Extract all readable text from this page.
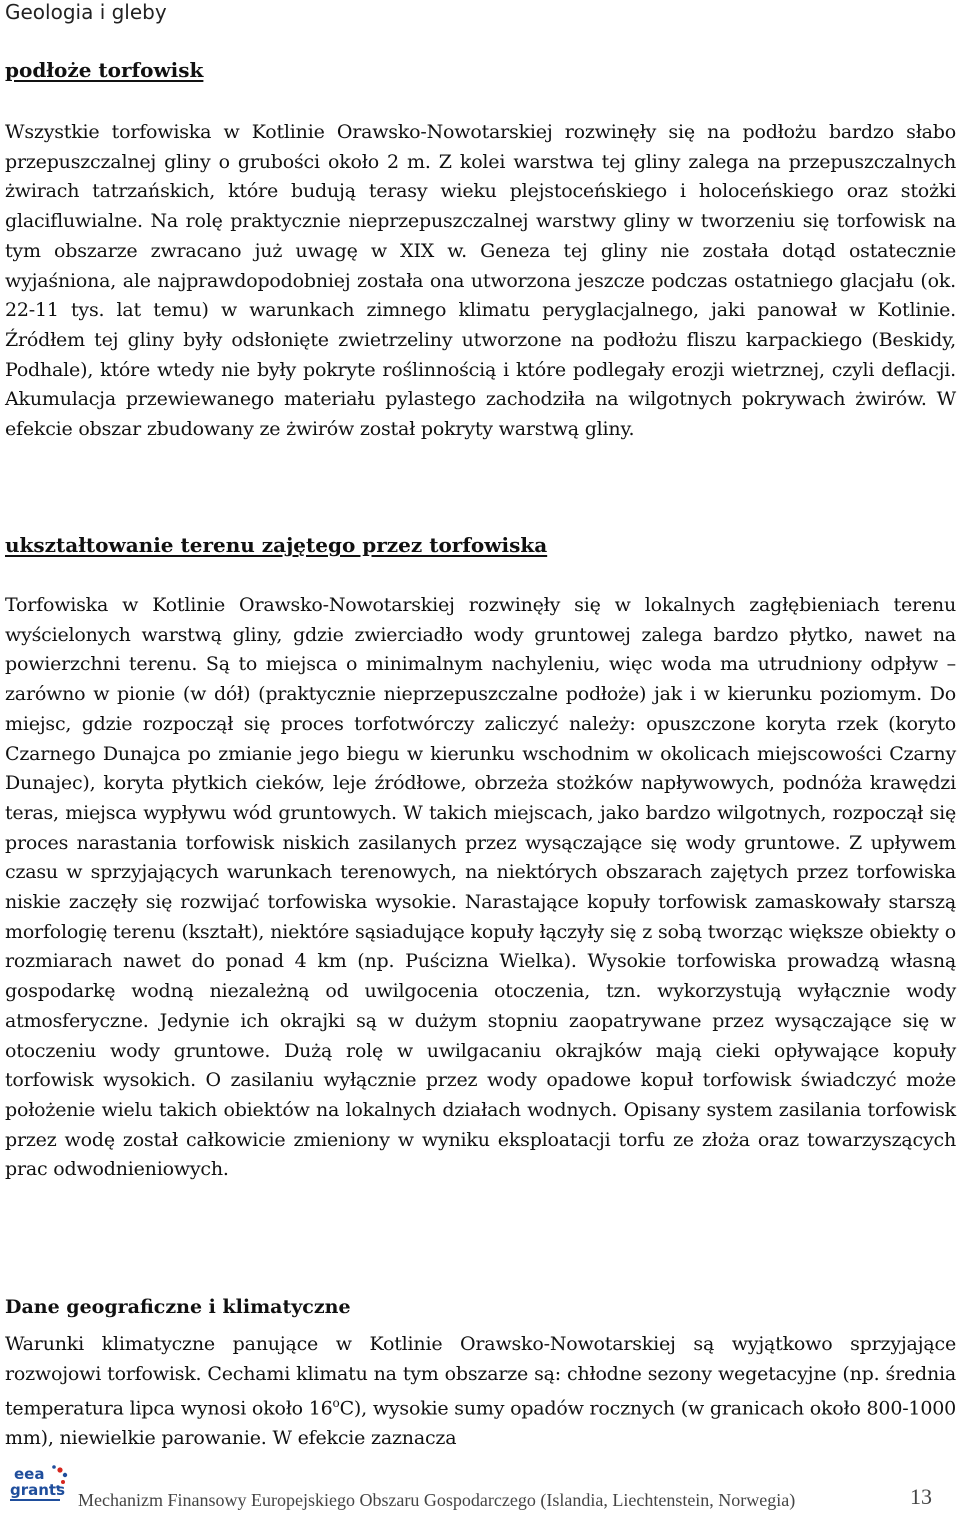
Geologia i gleby
podłoże torfowisk

Wszystkie torfowiska w Kotlinie Orawsko-Nowotarskiej rozwinęły się na podłożu bardzo słabo przepuszczalnej gliny o grubości około 2 m. Z kolei warstwa tej gliny zalega na przepuszczalnych żwirach tatrzańskich, które budują terasy wieku plejstoceńskiego i holoceńskiego oraz stożki glacifluwialne. Na rolę praktycznie nieprzepuszczalnej warstwy gliny w tworzeniu się torfowisk na tym obszarze zwracano już uwagę w XIX w. Geneza tej gliny nie została dotąd ostatecznie wyjaśniona, ale najprawdopodobniej została ona utworzona jeszcze podczas ostatniego glacjału (ok. 22-11 tys. lat temu) w warunkach zimnego klimatu peryglacjalnego, jaki panował w Kotlinie. Źródłem tej gliny były odsłonięte zwietrzeliny utworzone na podłożu fliszu karpackiego (Beskidy, Podhale), które wtedy nie były pokryte roślinnością i które podlegały erozji wietrznej, czyli deflacji. Akumulacja przewiewanego materiału pylastego zachodziła na wilgotnych pokrywach żwirów. W efekcie obszar zbudowany ze żwirów został pokryty warstwą gliny.

ukształtowanie terenu zajętego przez torfowiska

Torfowiska w Kotlinie Orawsko-Nowotarskiej rozwinęły się w lokalnych zagłębieniach terenu wyścielonych warstwą gliny, gdzie zwierciadło wody gruntowej zalega bardzo płytko, nawet na powierzchni terenu. Są to miejsca o minimalnym nachyleniu, więc woda ma utrudniony odpływ – zarówno w pionie (w dół) (praktycznie nieprzepuszczalne podłoże) jak i w kierunku poziomym. Do miejsc, gdzie rozpoczął się proces torfotwórczy zaliczyć należy: opuszczone koryta rzek (koryto Czarnego Dunajca po zmianie jego biegu w kierunku wschodnim w okolicach miejscowości Czarny Dunajec), koryta płytkich cieków, leje źródłowe, obrzeża stożków napływowych, podnóża krawędzi teras, miejsca wypływu wód gruntowych. W takich miejscach, jako bardzo wilgotnych, rozpoczął się proces narastania torfowisk niskich zasilanych przez wysączające się wody gruntowe. Z upływem czasu w sprzyjających warunkach terenowych, na niektórych obszarach zajętych przez torfowiska niskie zaczęły się rozwijać torfowiska wysokie. Narastające kopuły torfowisk zamaskowały starszą morfologię terenu (kształt), niektóre sąsiadujące kopuły łączyły się z sobą tworząc większe obiekty o rozmiarach nawet do ponad 4 km (np. Puścizna Wielka). Wysokie torfowiska prowadzą własną gospodarkę wodną niezależną od uwilgocenia otoczenia, tzn. wykorzystują wyłącznie wody atmosferyczne. Jedynie ich okrajki są w dużym stopniu zaopatrywane przez wysączające się w otoczeniu wody gruntowe. Dużą rolę w uwilgacaniu okrajków mają cieki opływające kopuły torfowisk wysokich. O zasilaniu wyłącznie przez wody opadowe kopuł torfowisk świadczyć może położenie wielu takich obiektów na lokalnych działach wodnych. Opisany system zasilania torfowisk przez wodę został całkowicie zmieniony w wyniku eksploatacji torfu ze złoża oraz towarzyszących prac odwodnieniowych.

Dane geograficzne i klimatyczne

Warunki klimatyczne panujące w Kotlinie Orawsko-Nowotarskiej są wyjątkowo sprzyjające rozwojowi torfowisk. Cechami klimatu na tym obszarze są: chłodne sezony wegetacyjne (np. średnia temperatura lipca wynosi około 16$^o$C), wysokie sumy opadów rocznych (w granicach około 800-1000 mm), niewielkie parowanie. W efekcie zaznacza

eea
grants Mechanizm Finansowy Europejskiego Obszaru Gospodarczego (Islandia, Liechtenstein, Norwegia)	13
